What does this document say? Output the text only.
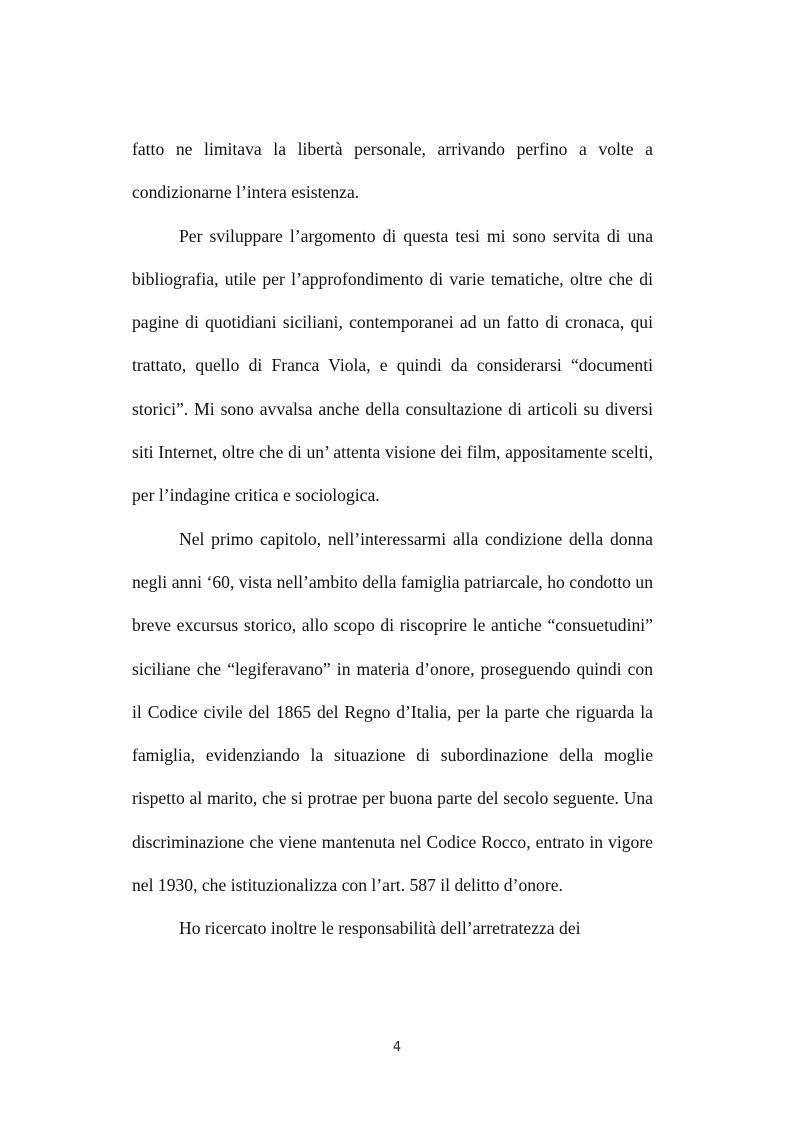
fatto ne limitava la libertà personale, arrivando perfino a volte a condizionarne l’intera esistenza.

Per sviluppare l’argomento di questa tesi mi sono servita di una bibliografia, utile per l’approfondimento di varie tematiche, oltre che di pagine di quotidiani siciliani, contemporanei ad un fatto di cronaca, qui trattato, quello di Franca Viola, e quindi da considerarsi “documenti storici”. Mi sono avvalsa anche della consultazione di articoli su diversi siti Internet, oltre che di un’ attenta visione dei film, appositamente scelti, per l’indagine critica e sociologica.

Nel primo capitolo, nell’interessarmi alla condizione della donna negli anni ‘60, vista nell’ambito della famiglia patriarcale, ho condotto un breve excursus storico, allo scopo di riscoprire le antiche “consuetudini” siciliane che “legiferavano” in materia d’onore, proseguendo quindi con il Codice civile del 1865 del Regno d’Italia, per la parte che riguarda la famiglia, evidenziando la situazione di subordinazione della moglie rispetto al marito, che si protrae per buona parte del secolo seguente. Una discriminazione che viene mantenuta nel Codice Rocco, entrato in vigore nel 1930, che istituzionalizza con l’art. 587 il delitto d’onore.

Ho ricercato inoltre le responsabilità dell’arretratezza dei

4
